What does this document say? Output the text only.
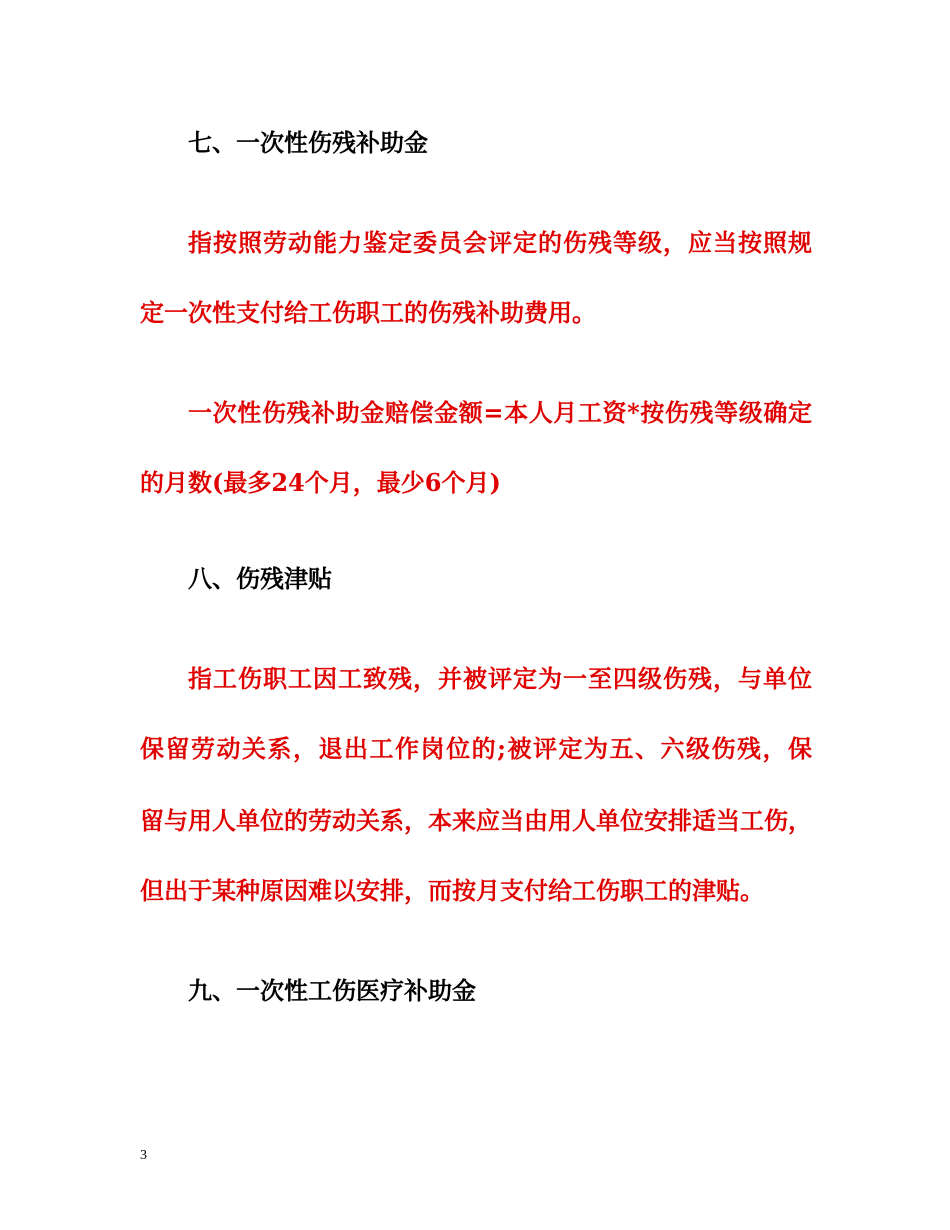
七、一次性伤残补助金
指按照劳动能力鉴定委员会评定的伤残等级，应当按照规
定一次性支付给工伤职工的伤残补助费用。
一次性伤残补助金赔偿金额=本人月工资*按伤残等级确定
的月数(最多24个月，最少6个月)
八、伤残津贴
指工伤职工因工致残，并被评定为一至四级伤残，与单位
保留劳动关系，退出工作岗位的;被评定为五、六级伤残，保
留与用人单位的劳动关系，本来应当由用人单位安排适当工伤，
但出于某种原因难以安排，而按月支付给工伤职工的津贴。
九、一次性工伤医疗补助金
3
